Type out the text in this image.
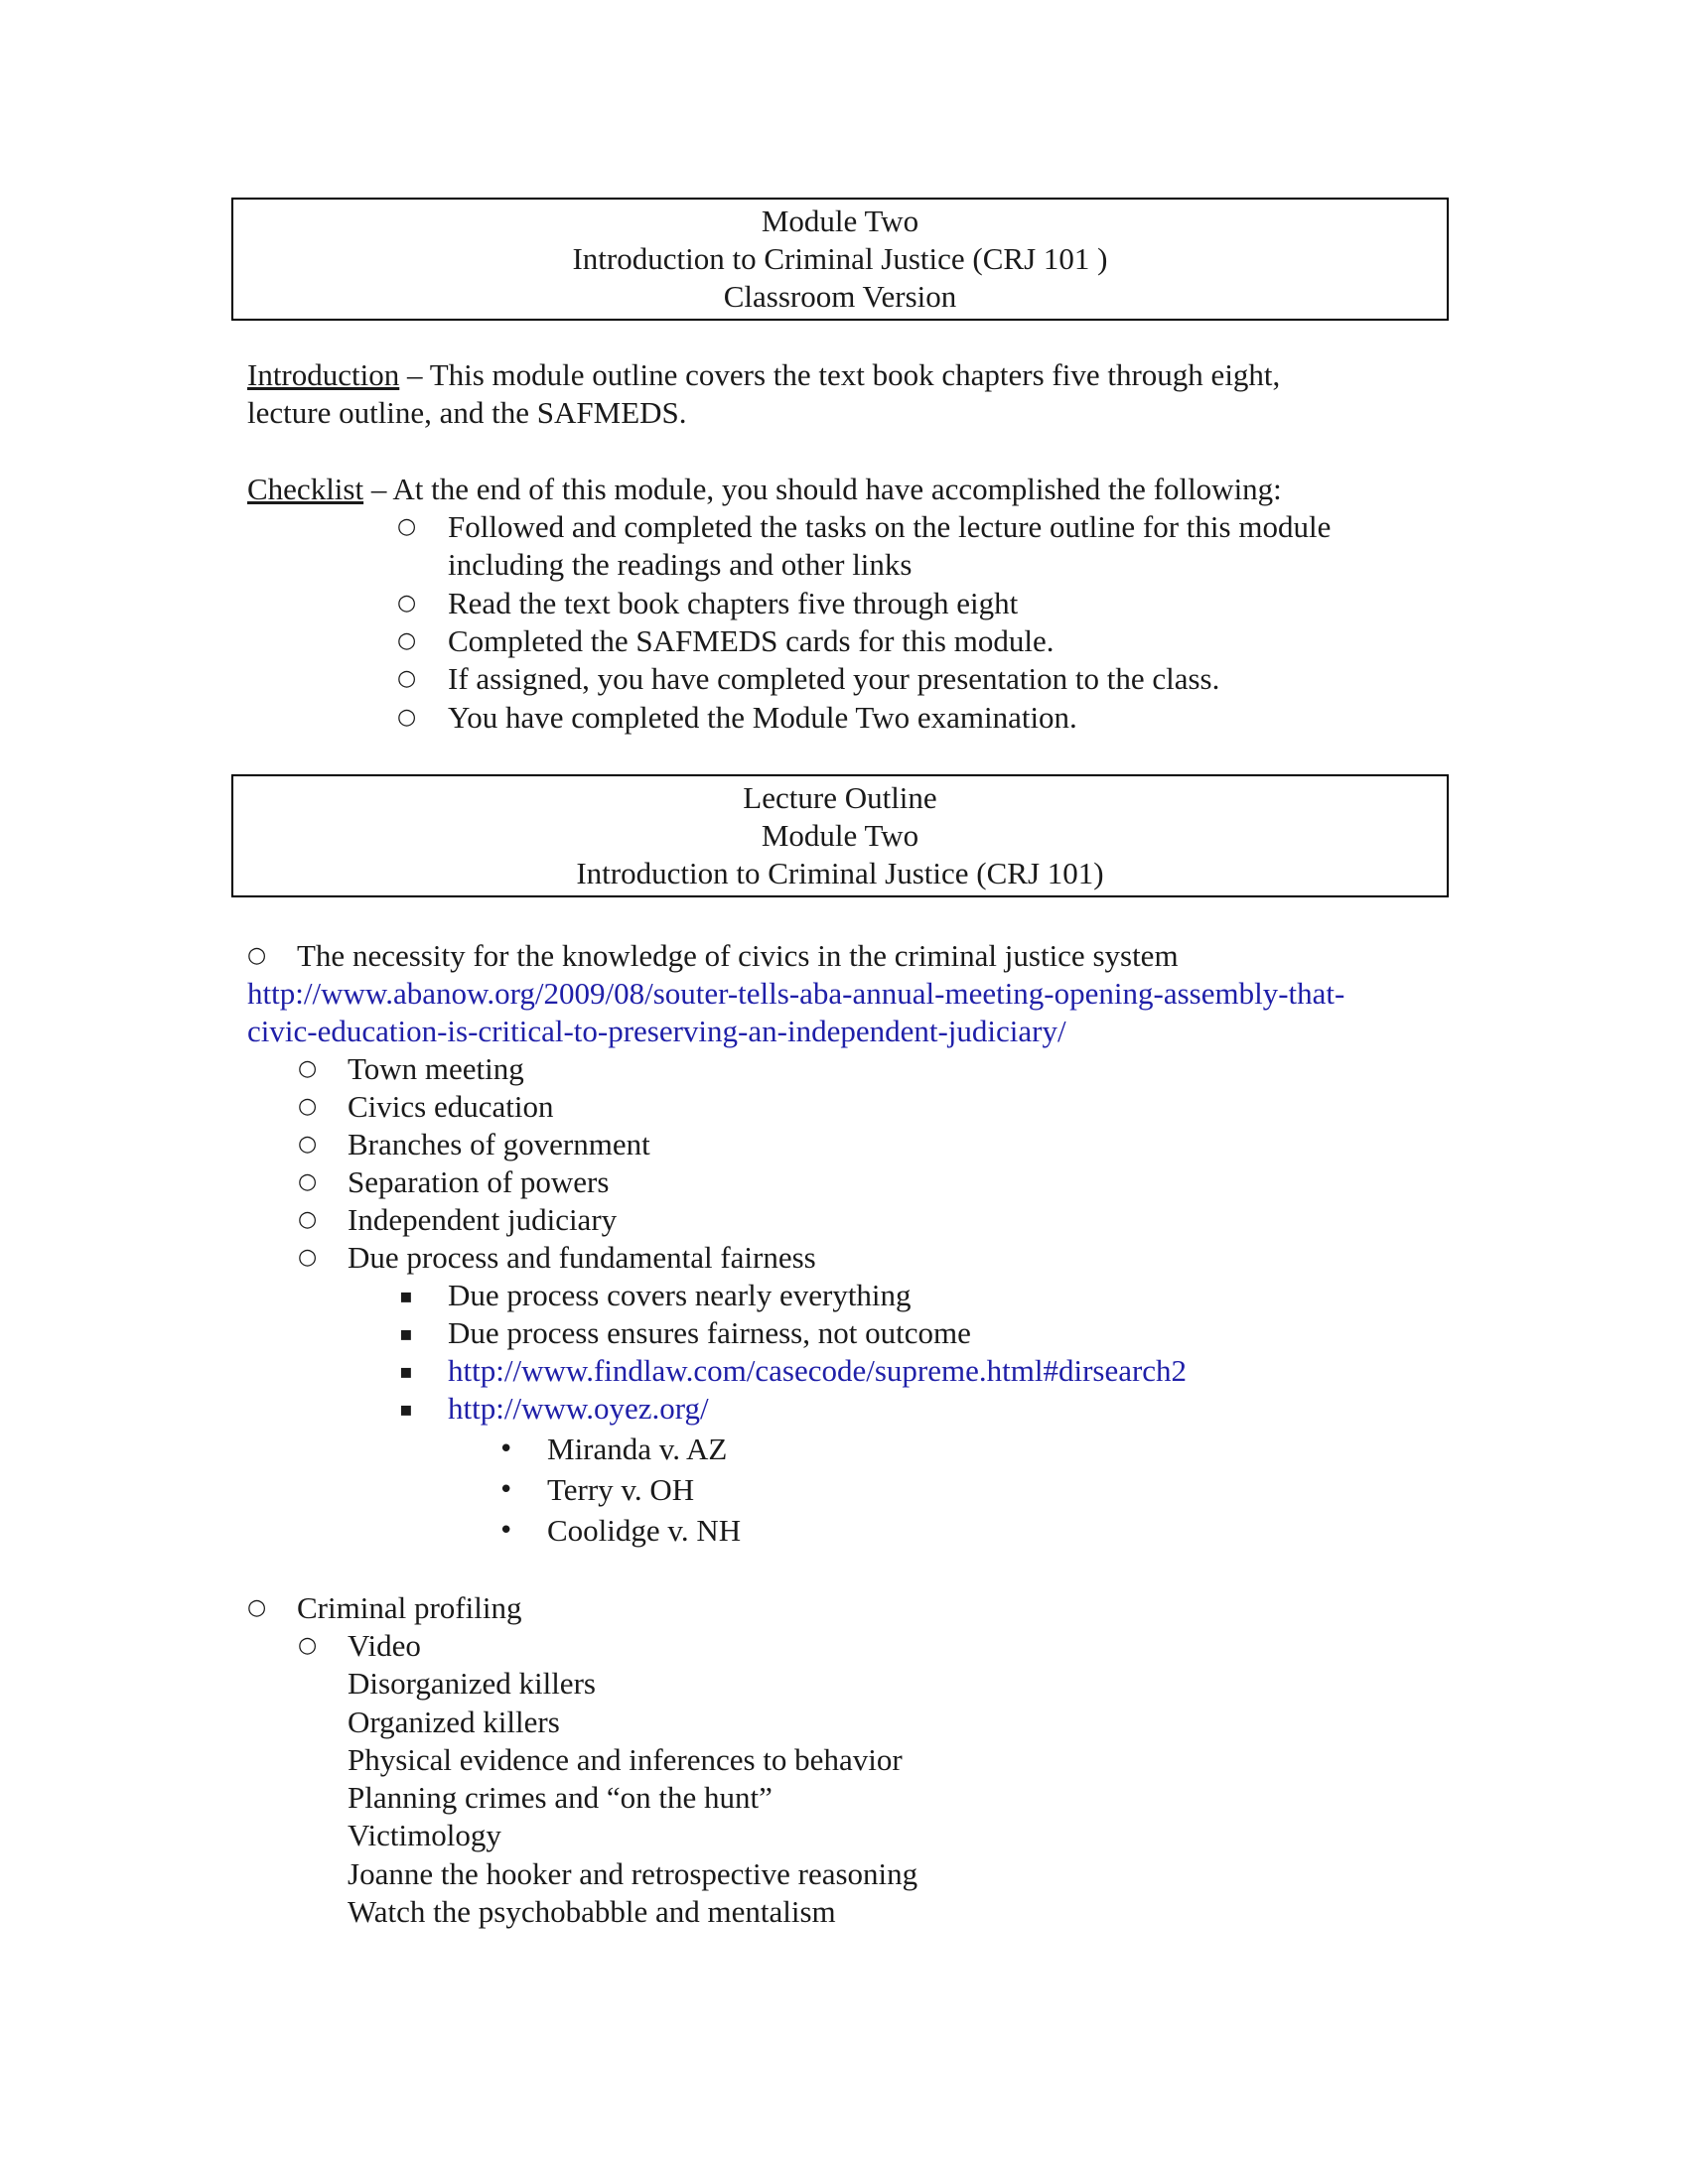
Module Two
Introduction to Criminal Justice (CRJ 101 )
Classroom Version
Introduction – This module outline covers the text book chapters five through eight,
lecture outline, and the SAFMEDS.
Checklist – At the end of this module, you should have accomplished the following:
○ Followed and completed the tasks on the lecture outline for this module
including the readings and other links
○ Read the text book chapters five through eight
○ Completed the SAFMEDS cards for this module.
○ If assigned, you have completed your presentation to the class.
○ You have completed the Module Two examination.
Lecture Outline
Module Two
Introduction to Criminal Justice (CRJ 101)
○ The necessity for the knowledge of civics in the criminal justice system
http://www.abanow.org/2009/08/souter-tells-aba-annual-meeting-opening-assembly-that-
civic-education-is-critical-to-preserving-an-independent-judiciary/
○ Town meeting
○ Civics education
○ Branches of government
○ Separation of powers
○ Independent judiciary
○ Due process and fundamental fairness
▪ Due process covers nearly everything
▪ Due process ensures fairness, not outcome
▪ http://www.findlaw.com/casecode/supreme.html#dirsearch2
▪ http://www.oyez.org/
• Miranda v. AZ
• Terry v. OH
• Coolidge v. NH
○ Criminal profiling
○ Video
Disorganized killers
Organized killers
Physical evidence and inferences to behavior
Planning crimes and “on the hunt”
Victimology
Joanne the hooker and retrospective reasoning
Watch the psychobabble and mentalism
